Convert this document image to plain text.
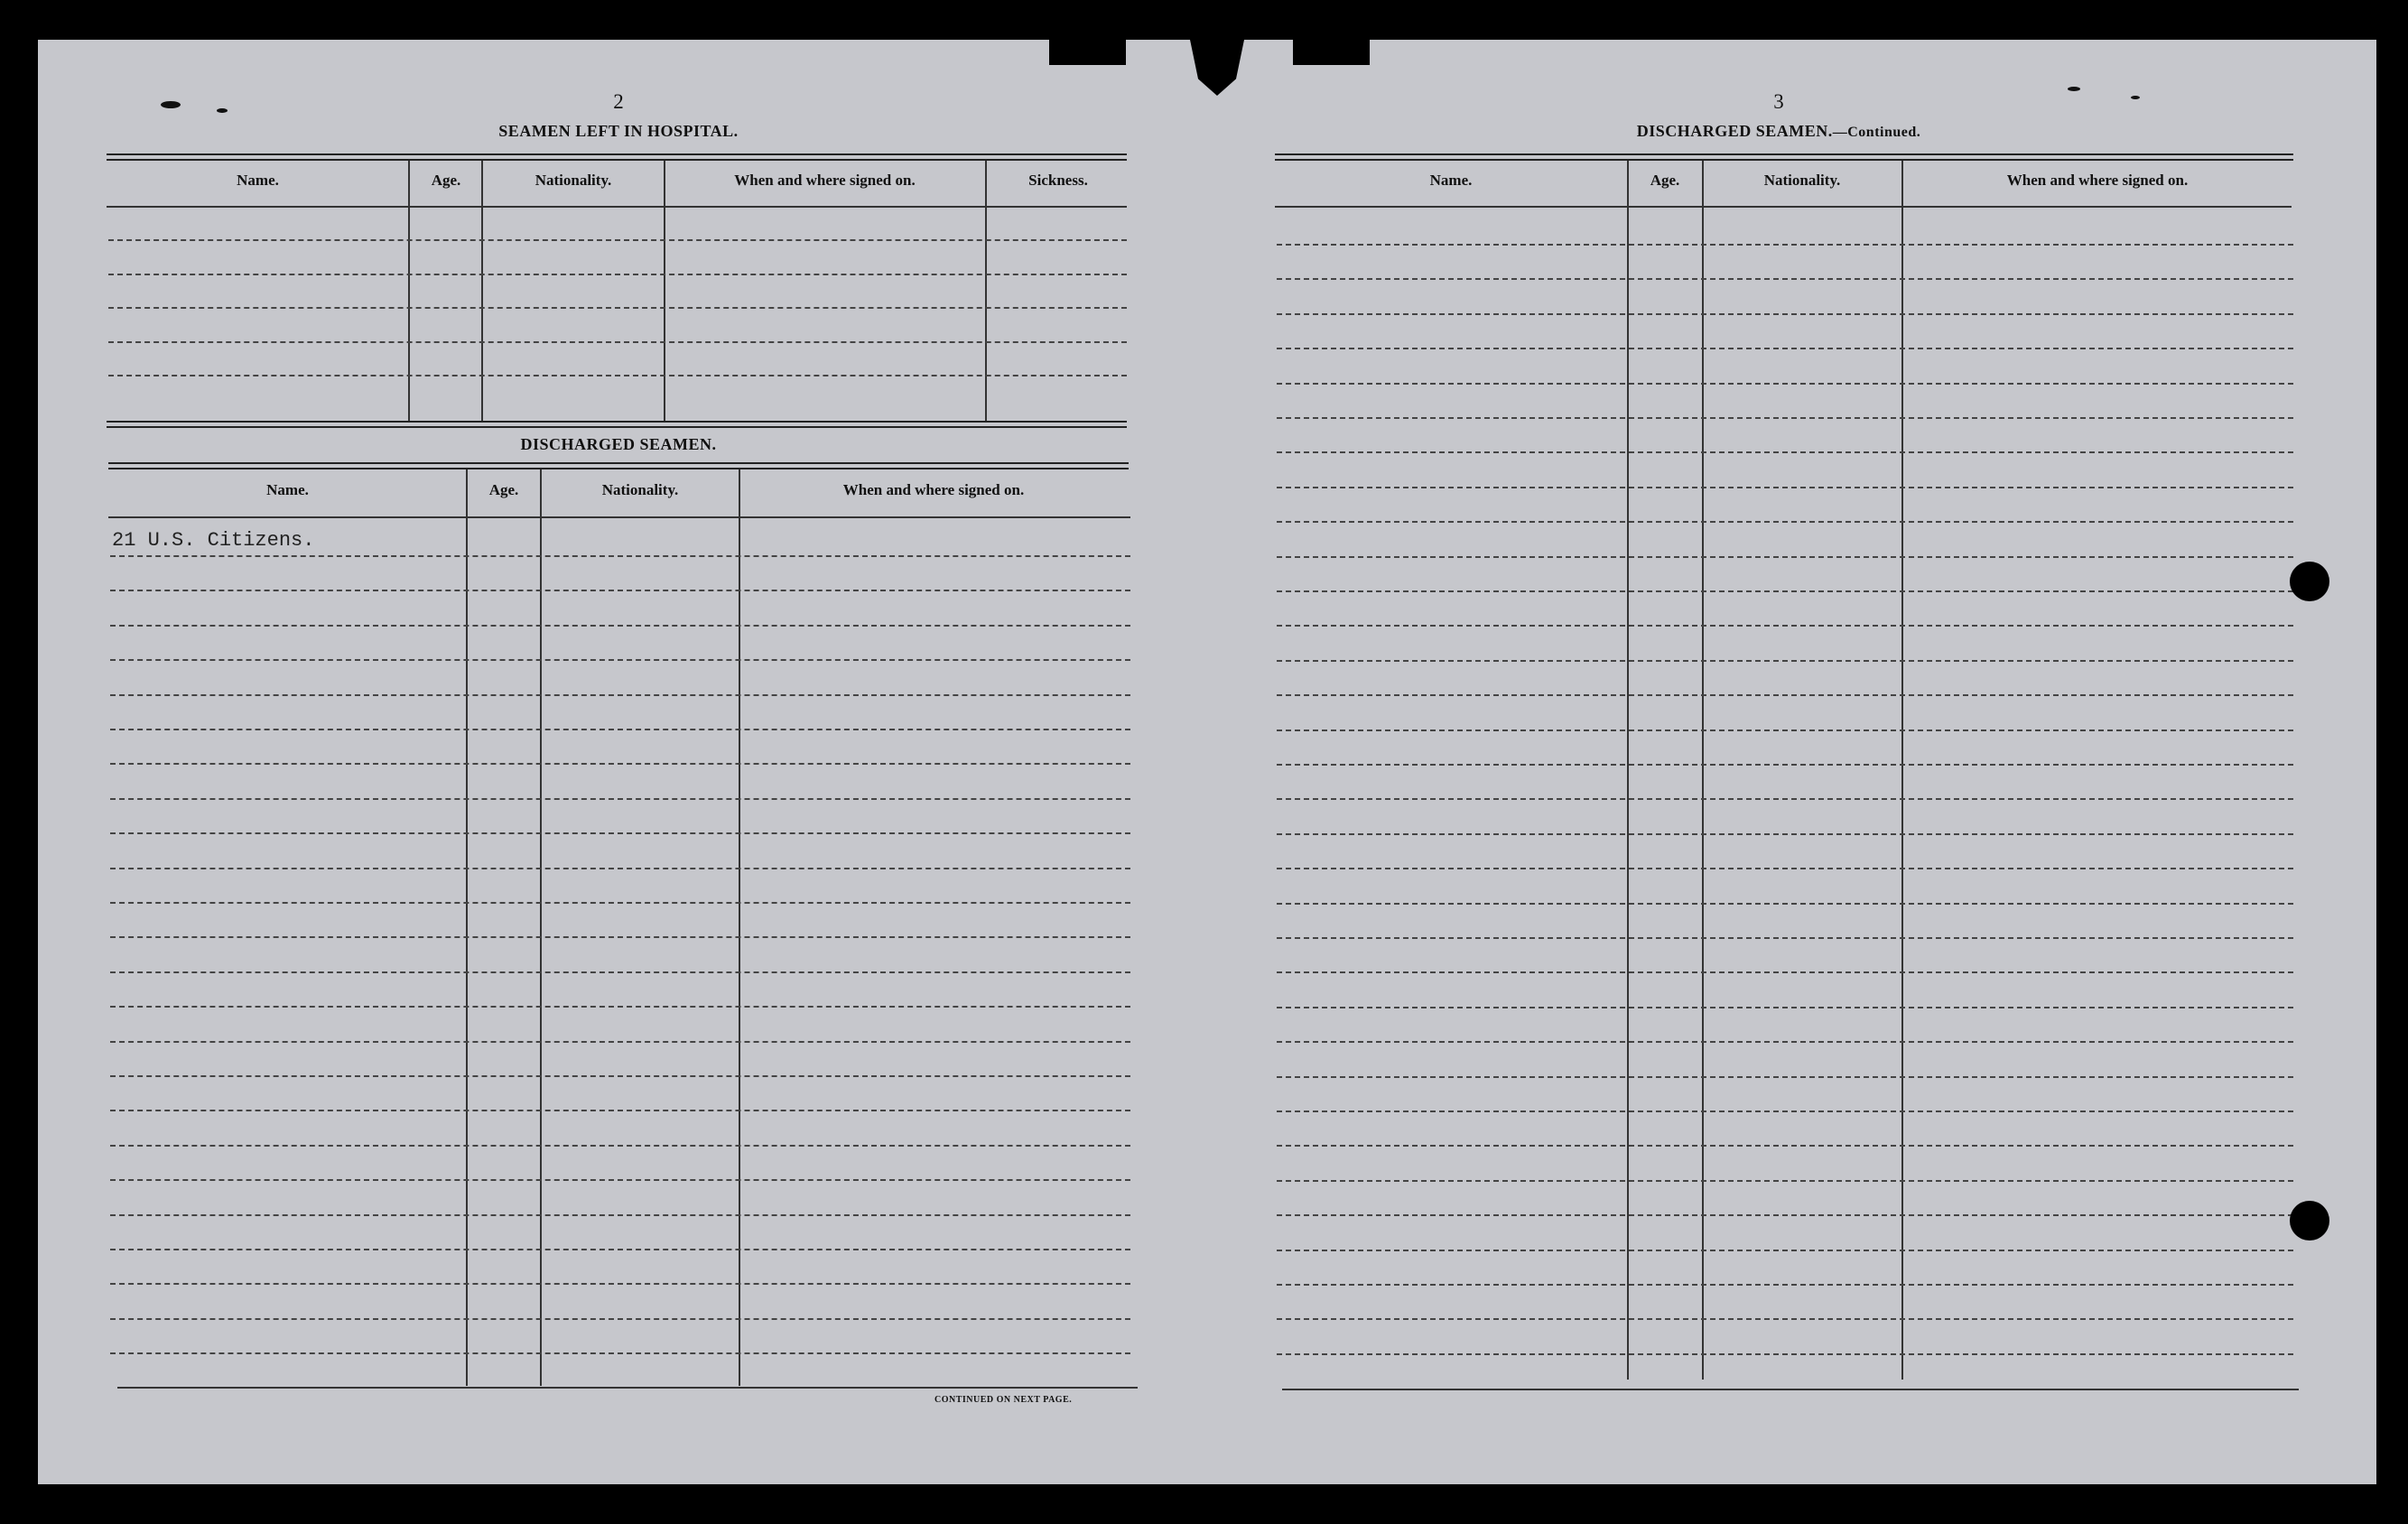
2
SEAMEN LEFT IN HOSPITAL.
Name.	Age.	Nationality.	When and where signed on.	Sickness.
DISCHARGED SEAMEN.
Name.	Age.	Nationality.	When and where signed on.
21 U.S. Citizens.
CONTINUED ON NEXT PAGE.
3
DISCHARGED SEAMEN.—Continued.
Name.	Age.	Nationality.	When and where signed on.
